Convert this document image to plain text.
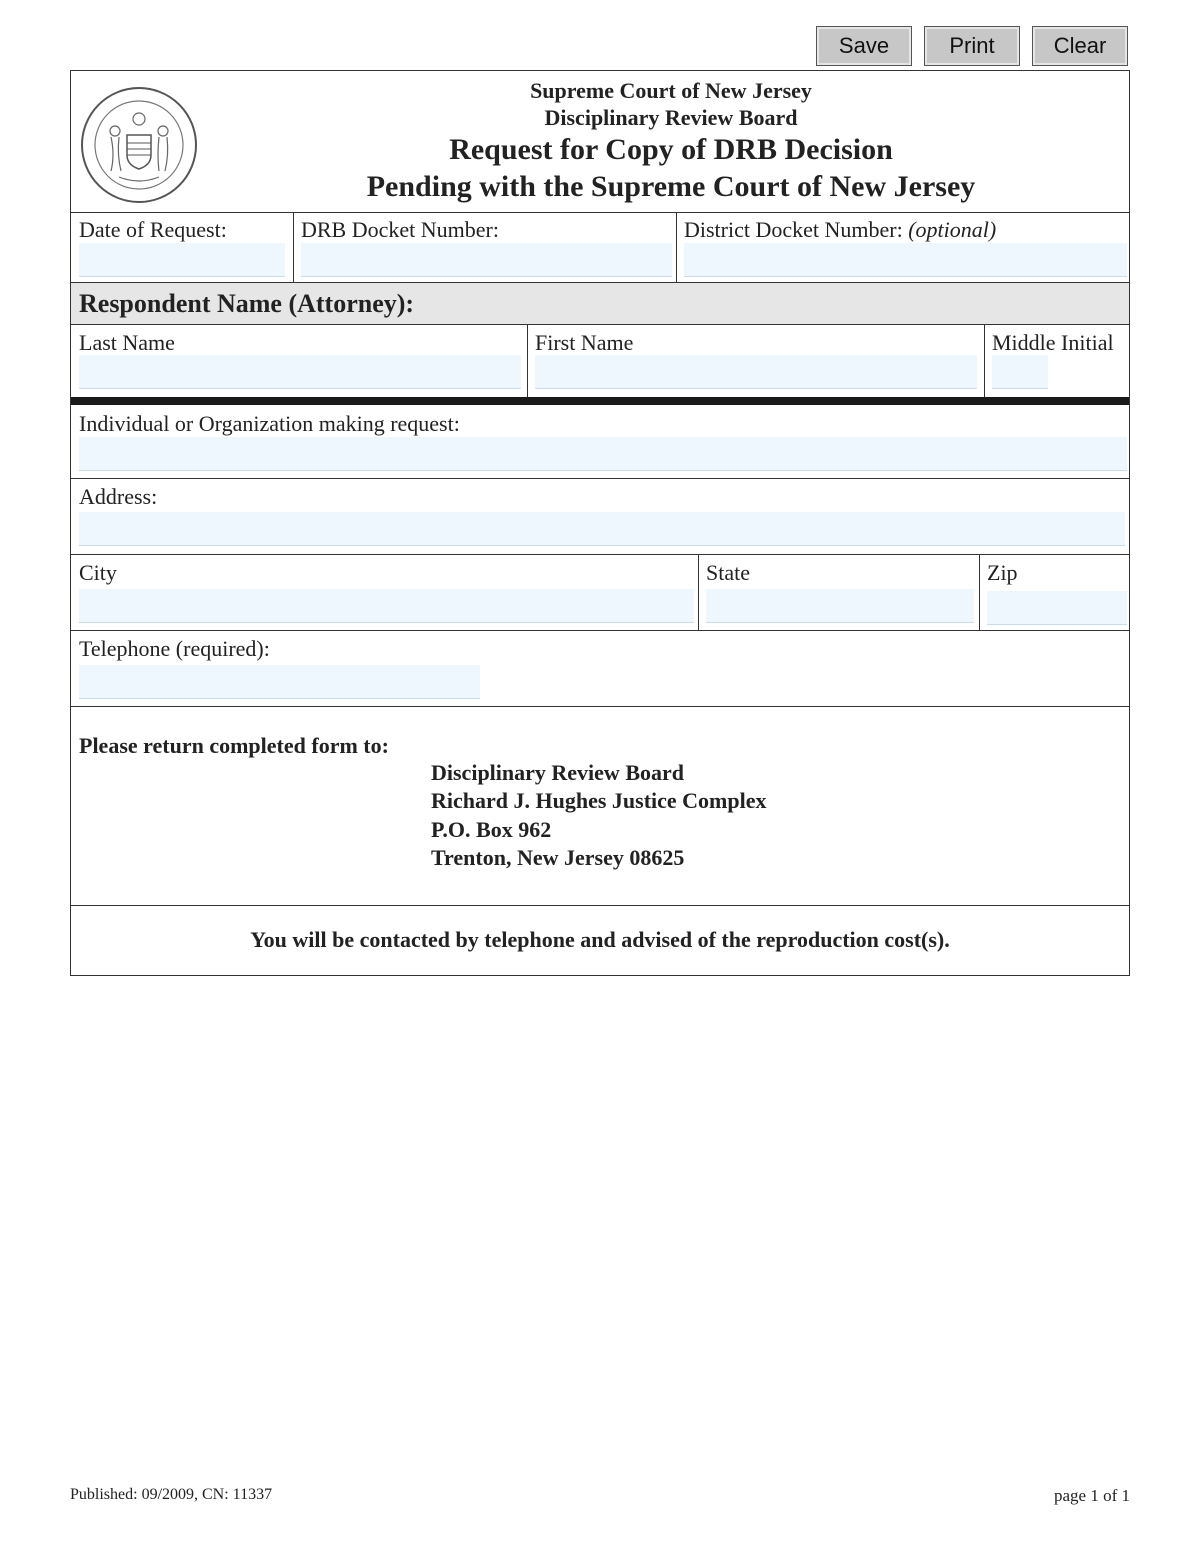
Save	Print	Clear
Supreme Court of New Jersey
Disciplinary Review Board
Request for Copy of DRB Decision
Pending with the Supreme Court of New Jersey
Date of Request:	DRB Docket Number:	District Docket Number: (optional)
Respondent Name (Attorney):
Last Name	First Name	Middle Initial
Individual or Organization making request:
Address:
City	State	Zip
Telephone (required):
Please return completed form to:
Disciplinary Review Board
Richard J. Hughes Justice Complex
P.O. Box 962
Trenton, New Jersey 08625
You will be contacted by telephone and advised of the reproduction cost(s).
Published: 09/2009, CN: 11337	page 1 of 1
